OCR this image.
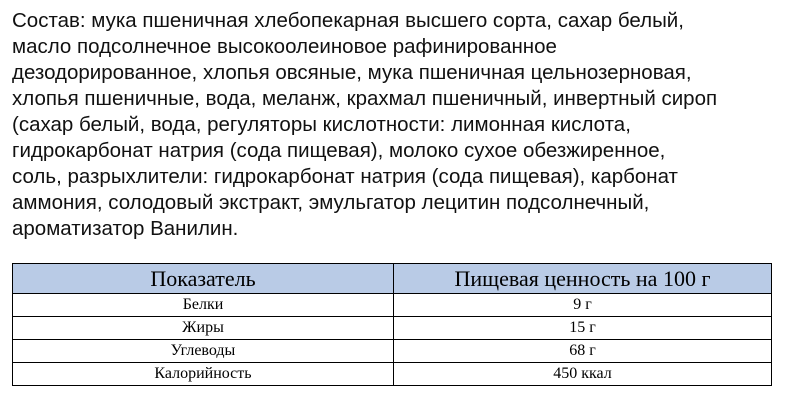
Состав: мука пшеничная хлебопекарная высшего сорта, сахар белый,
масло подсолнечное высокоолеиновое рафинированное
дезодорированное, хлопья овсяные, мука пшеничная цельнозерновая,
хлопья пшеничные, вода, меланж, крахмал пшеничный, инвертный сироп
(сахар белый, вода, регуляторы кислотности: лимонная кислота,
гидрокарбонат натрия (сода пищевая), молоко сухое обезжиренное,
соль, разрыхлители: гидрокарбонат натрия (сода пищевая), карбонат
аммония, солодовый экстракт, эмульгатор лецитин подсолнечный,
ароматизатор Ванилин.
Показатель	Пищевая ценность на 100 г
Белки	9 г
Жиры	15 г
Углеводы	68 г
Калорийность	450 ккал
